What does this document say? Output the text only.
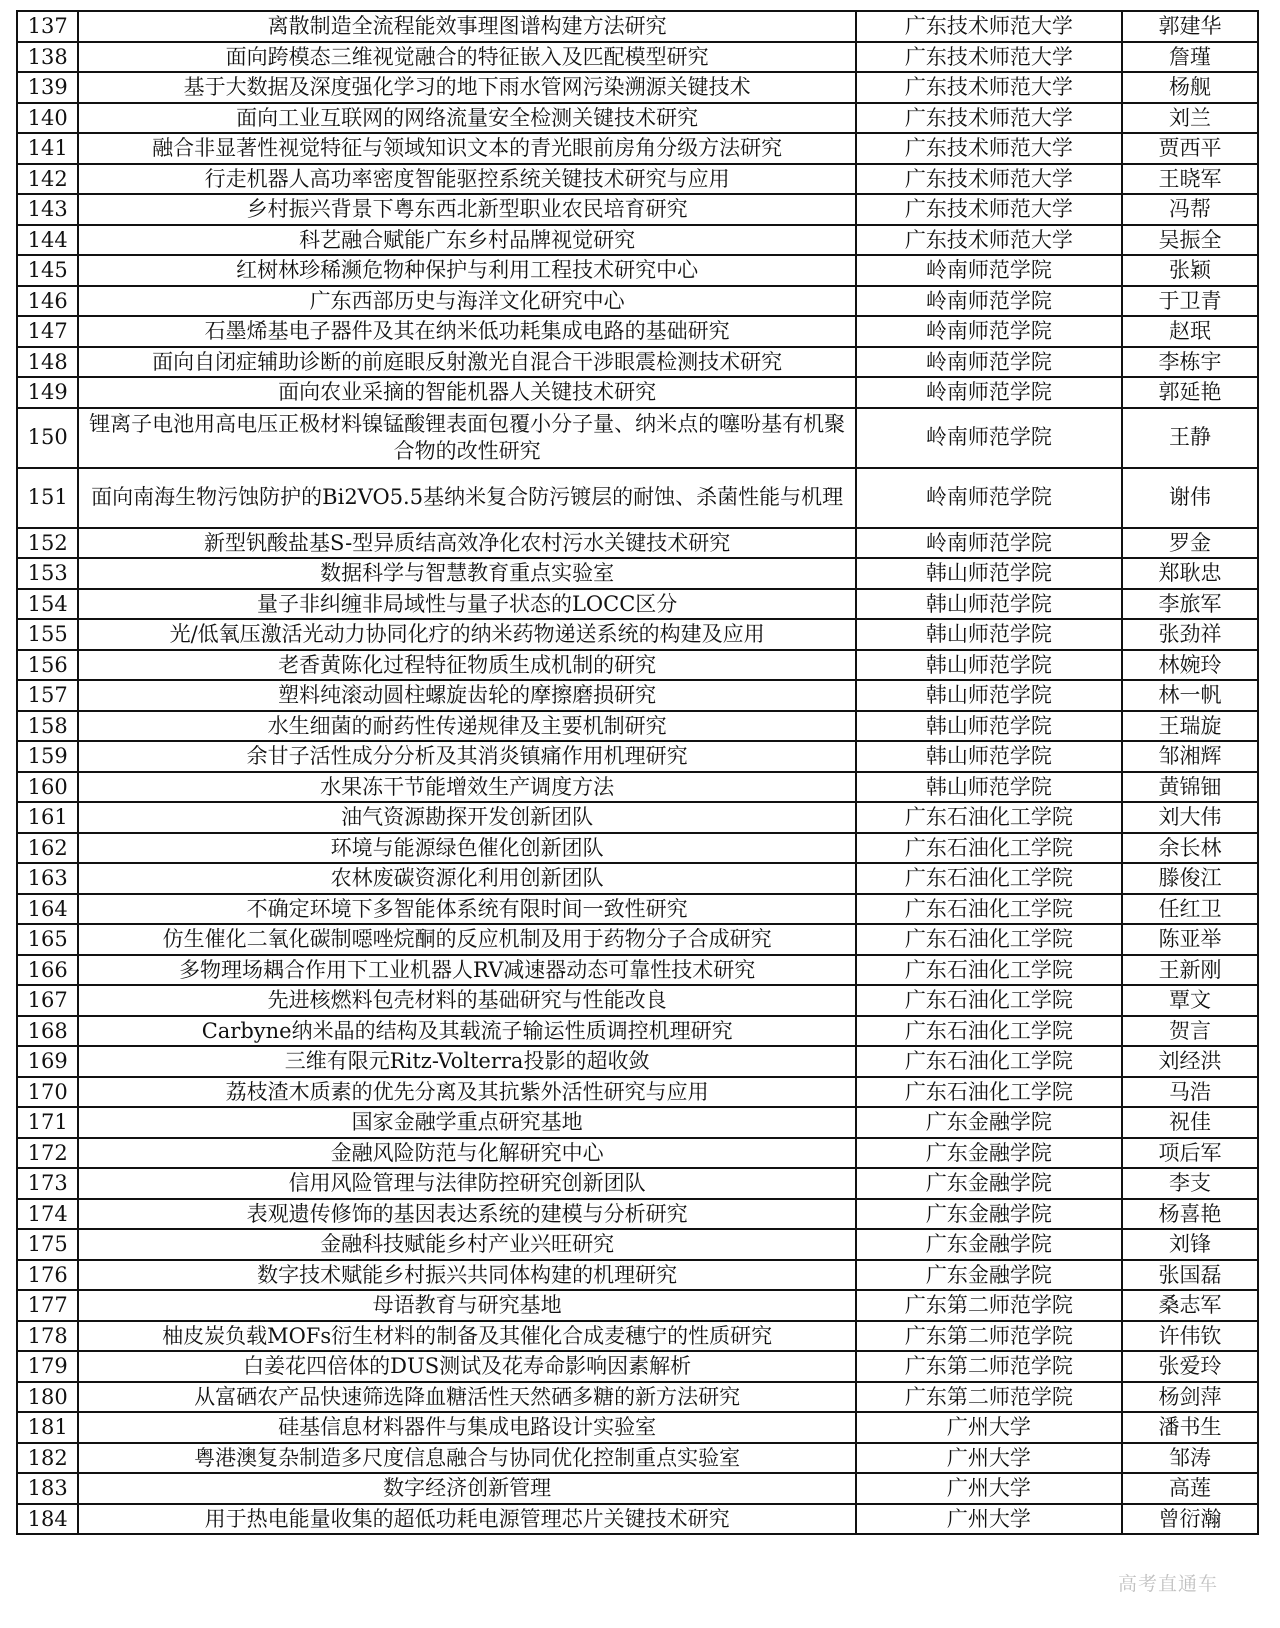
137	离散制造全流程能效事理图谱构建方法研究	广东技术师范大学	郭建华
138	面向跨模态三维视觉融合的特征嵌入及匹配模型研究	广东技术师范大学	詹瑾
139	基于大数据及深度强化学习的地下雨水管网污染溯源关键技术	广东技术师范大学	杨舰
140	面向工业互联网的网络流量安全检测关键技术研究	广东技术师范大学	刘兰
141	融合非显著性视觉特征与领域知识文本的青光眼前房角分级方法研究	广东技术师范大学	贾西平
142	行走机器人高功率密度智能驱控系统关键技术研究与应用	广东技术师范大学	王晓军
143	乡村振兴背景下粤东西北新型职业农民培育研究	广东技术师范大学	冯帮
144	科艺融合赋能广东乡村品牌视觉研究	广东技术师范大学	吴振全
145	红树林珍稀濒危物种保护与利用工程技术研究中心	岭南师范学院	张颖
146	广东西部历史与海洋文化研究中心	岭南师范学院	于卫青
147	石墨烯基电子器件及其在纳米低功耗集成电路的基础研究	岭南师范学院	赵珉
148	面向自闭症辅助诊断的前庭眼反射激光自混合干涉眼震检测技术研究	岭南师范学院	李栋宇
149	面向农业采摘的智能机器人关键技术研究	岭南师范学院	郭延艳
150	锂离子电池用高电压正极材料镍锰酸锂表面包覆小分子量、纳米点的噻吩基有机聚合物的改性研究	岭南师范学院	王静
151	面向南海生物污蚀防护的Bi2VO5.5基纳米复合防污镀层的耐蚀、杀菌性能与机理	岭南师范学院	谢伟
152	新型钒酸盐基S-型异质结高效净化农村污水关键技术研究	岭南师范学院	罗金
153	数据科学与智慧教育重点实验室	韩山师范学院	郑耿忠
154	量子非纠缠非局域性与量子状态的LOCC区分	韩山师范学院	李旅军
155	光/低氧压激活光动力协同化疗的纳米药物递送系统的构建及应用	韩山师范学院	张劲祥
156	老香黄陈化过程特征物质生成机制的研究	韩山师范学院	林婉玲
157	塑料纯滚动圆柱螺旋齿轮的摩擦磨损研究	韩山师范学院	林一帆
158	水生细菌的耐药性传递规律及主要机制研究	韩山师范学院	王瑞旋
159	余甘子活性成分分析及其消炎镇痛作用机理研究	韩山师范学院	邹湘辉
160	水果冻干节能增效生产调度方法	韩山师范学院	黄锦钿
161	油气资源勘探开发创新团队	广东石油化工学院	刘大伟
162	环境与能源绿色催化创新团队	广东石油化工学院	余长林
163	农林废碳资源化利用创新团队	广东石油化工学院	滕俊江
164	不确定环境下多智能体系统有限时间一致性研究	广东石油化工学院	任红卫
165	仿生催化二氧化碳制噁唑烷酮的反应机制及用于药物分子合成研究	广东石油化工学院	陈亚举
166	多物理场耦合作用下工业机器人RV减速器动态可靠性技术研究	广东石油化工学院	王新刚
167	先进核燃料包壳材料的基础研究与性能改良	广东石油化工学院	覃文
168	Carbyne纳米晶的结构及其载流子输运性质调控机理研究	广东石油化工学院	贺言
169	三维有限元Ritz-Volterra投影的超收敛	广东石油化工学院	刘经洪
170	荔枝渣木质素的优先分离及其抗紫外活性研究与应用	广东石油化工学院	马浩
171	国家金融学重点研究基地	广东金融学院	祝佳
172	金融风险防范与化解研究中心	广东金融学院	项后军
173	信用风险管理与法律防控研究创新团队	广东金融学院	李支
174	表观遗传修饰的基因表达系统的建模与分析研究	广东金融学院	杨喜艳
175	金融科技赋能乡村产业兴旺研究	广东金融学院	刘锋
176	数字技术赋能乡村振兴共同体构建的机理研究	广东金融学院	张国磊
177	母语教育与研究基地	广东第二师范学院	桑志军
178	柚皮炭负载MOFs衍生材料的制备及其催化合成麦穗宁的性质研究	广东第二师范学院	许伟钦
179	白姜花四倍体的DUS测试及花寿命影响因素解析	广东第二师范学院	张爱玲
180	从富硒农产品快速筛选降血糖活性天然硒多糖的新方法研究	广东第二师范学院	杨剑萍
181	硅基信息材料器件与集成电路设计实验室	广州大学	潘书生
182	粤港澳复杂制造多尺度信息融合与协同优化控制重点实验室	广州大学	邹涛
183	数字经济创新管理	广州大学	高莲
184	用于热电能量收集的超低功耗电源管理芯片关键技术研究	广州大学	曾衍瀚
高考直通车
